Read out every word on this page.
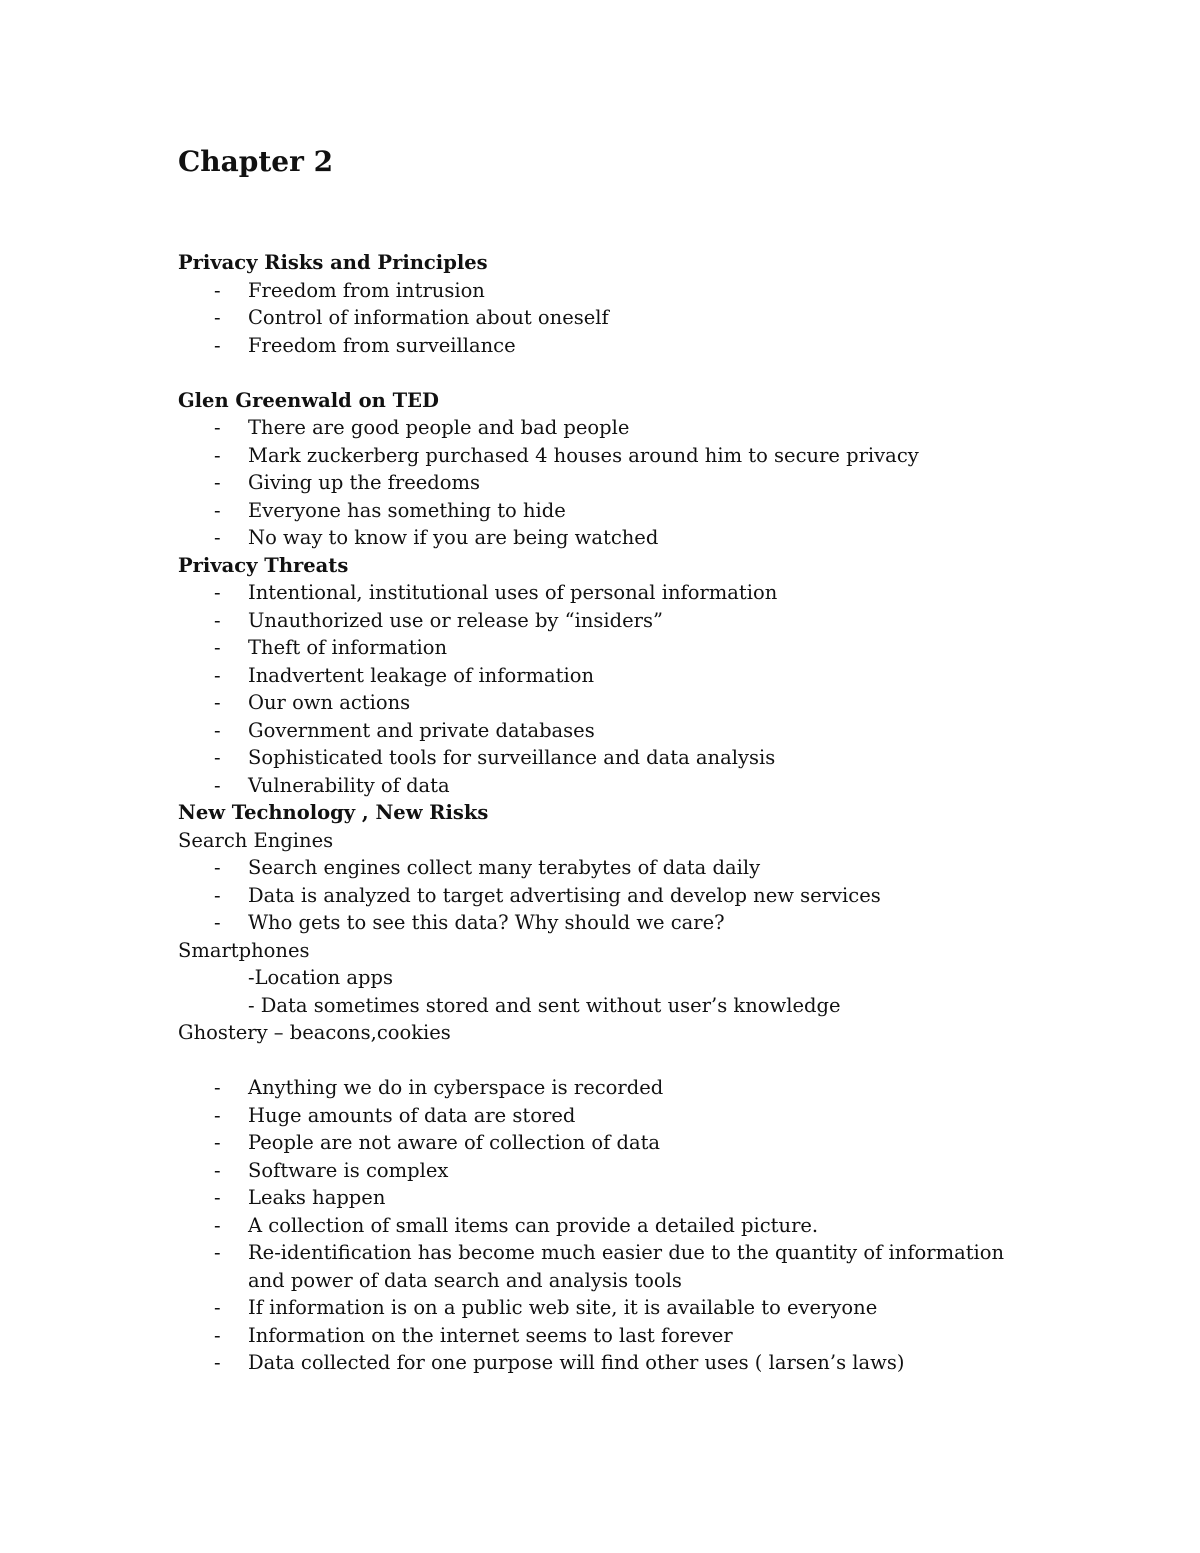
Chapter 2
Privacy Risks and Principles
- Freedom from intrusion
- Control of information about oneself
- Freedom from surveillance
Glen Greenwald on TED
- There are good people and bad people
- Mark zuckerberg purchased 4 houses around him to secure privacy
- Giving up the freedoms
- Everyone has something to hide
- No way to know if you are being watched
Privacy Threats
- Intentional, institutional uses of personal information
- Unauthorized use or release by “insiders”
- Theft of information
- Inadvertent leakage of information
- Our own actions
- Government and private databases
- Sophisticated tools for surveillance and data analysis
- Vulnerability of data
New Technology , New Risks
Search Engines
- Search engines collect many terabytes of data daily
- Data is analyzed to target advertising and develop new services
- Who gets to see this data? Why should we care?
Smartphones
-Location apps
- Data sometimes stored and sent without user’s knowledge
Ghostery – beacons,cookies
- Anything we do in cyberspace is recorded
- Huge amounts of data are stored
- People are not aware of collection of data
- Software is complex
- Leaks happen
- A collection of small items can provide a detailed picture.
- Re-identification has become much easier due to the quantity of information and power of data search and analysis tools
- If information is on a public web site, it is available to everyone
- Information on the internet seems to last forever
- Data collected for one purpose will find other uses ( larsen’s laws)
